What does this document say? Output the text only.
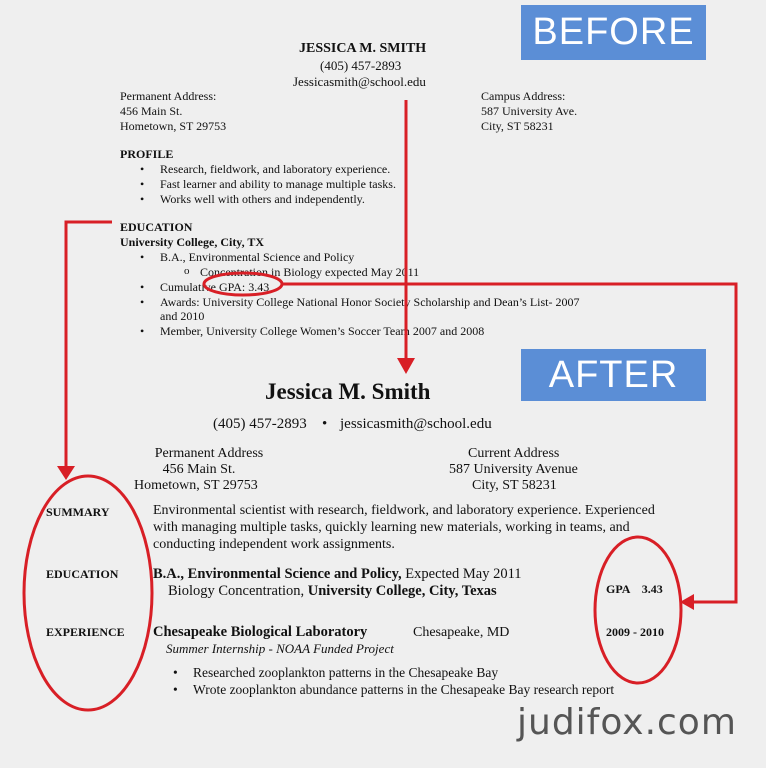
BEFORE
JESSICA M. SMITH
(405) 457-2893
Jessicasmith@school.edu
Permanent Address:
456 Main St.
Hometown, ST 29753
Campus Address:
587 University Ave.
City, ST 58231
PROFILE
• Research, fieldwork, and laboratory experience.
• Fast learner and ability to manage multiple tasks.
• Works well with others and independently.
EDUCATION
University College, City, TX
• B.A., Environmental Science and Policy
o Concentration in Biology expected May 2011
• Cumulative GPA: 3.43
• Awards: University College National Honor Society Scholarship and Dean’s List- 2007
and 2010
• Member, University College Women’s Soccer Team 2007 and 2008
AFTER
Jessica M. Smith
(405) 457-2893 • jessicasmith@school.edu
Permanent Address
456 Main St.
Hometown, ST 29753
Current Address
587 University Avenue
City, ST 58231
SUMMARY	Environmental scientist with research, fieldwork, and laboratory experience. Experienced
with managing multiple tasks, quickly learning new materials, working in teams, and
conducting independent work assignments.
EDUCATION B.A., Environmental Science and Policy, Expected May 2011
Biology Concentration, University College, City, Texas	GPA    3.43
EXPERIENCE Chesapeake Biological Laboratory	Chesapeake, MD	2009 - 2010
Summer Internship - NOAA Funded Project
• Researched zooplankton patterns in the Chesapeake Bay
• Wrote zooplankton abundance patterns in the Chesapeake Bay research report
judifox.com
